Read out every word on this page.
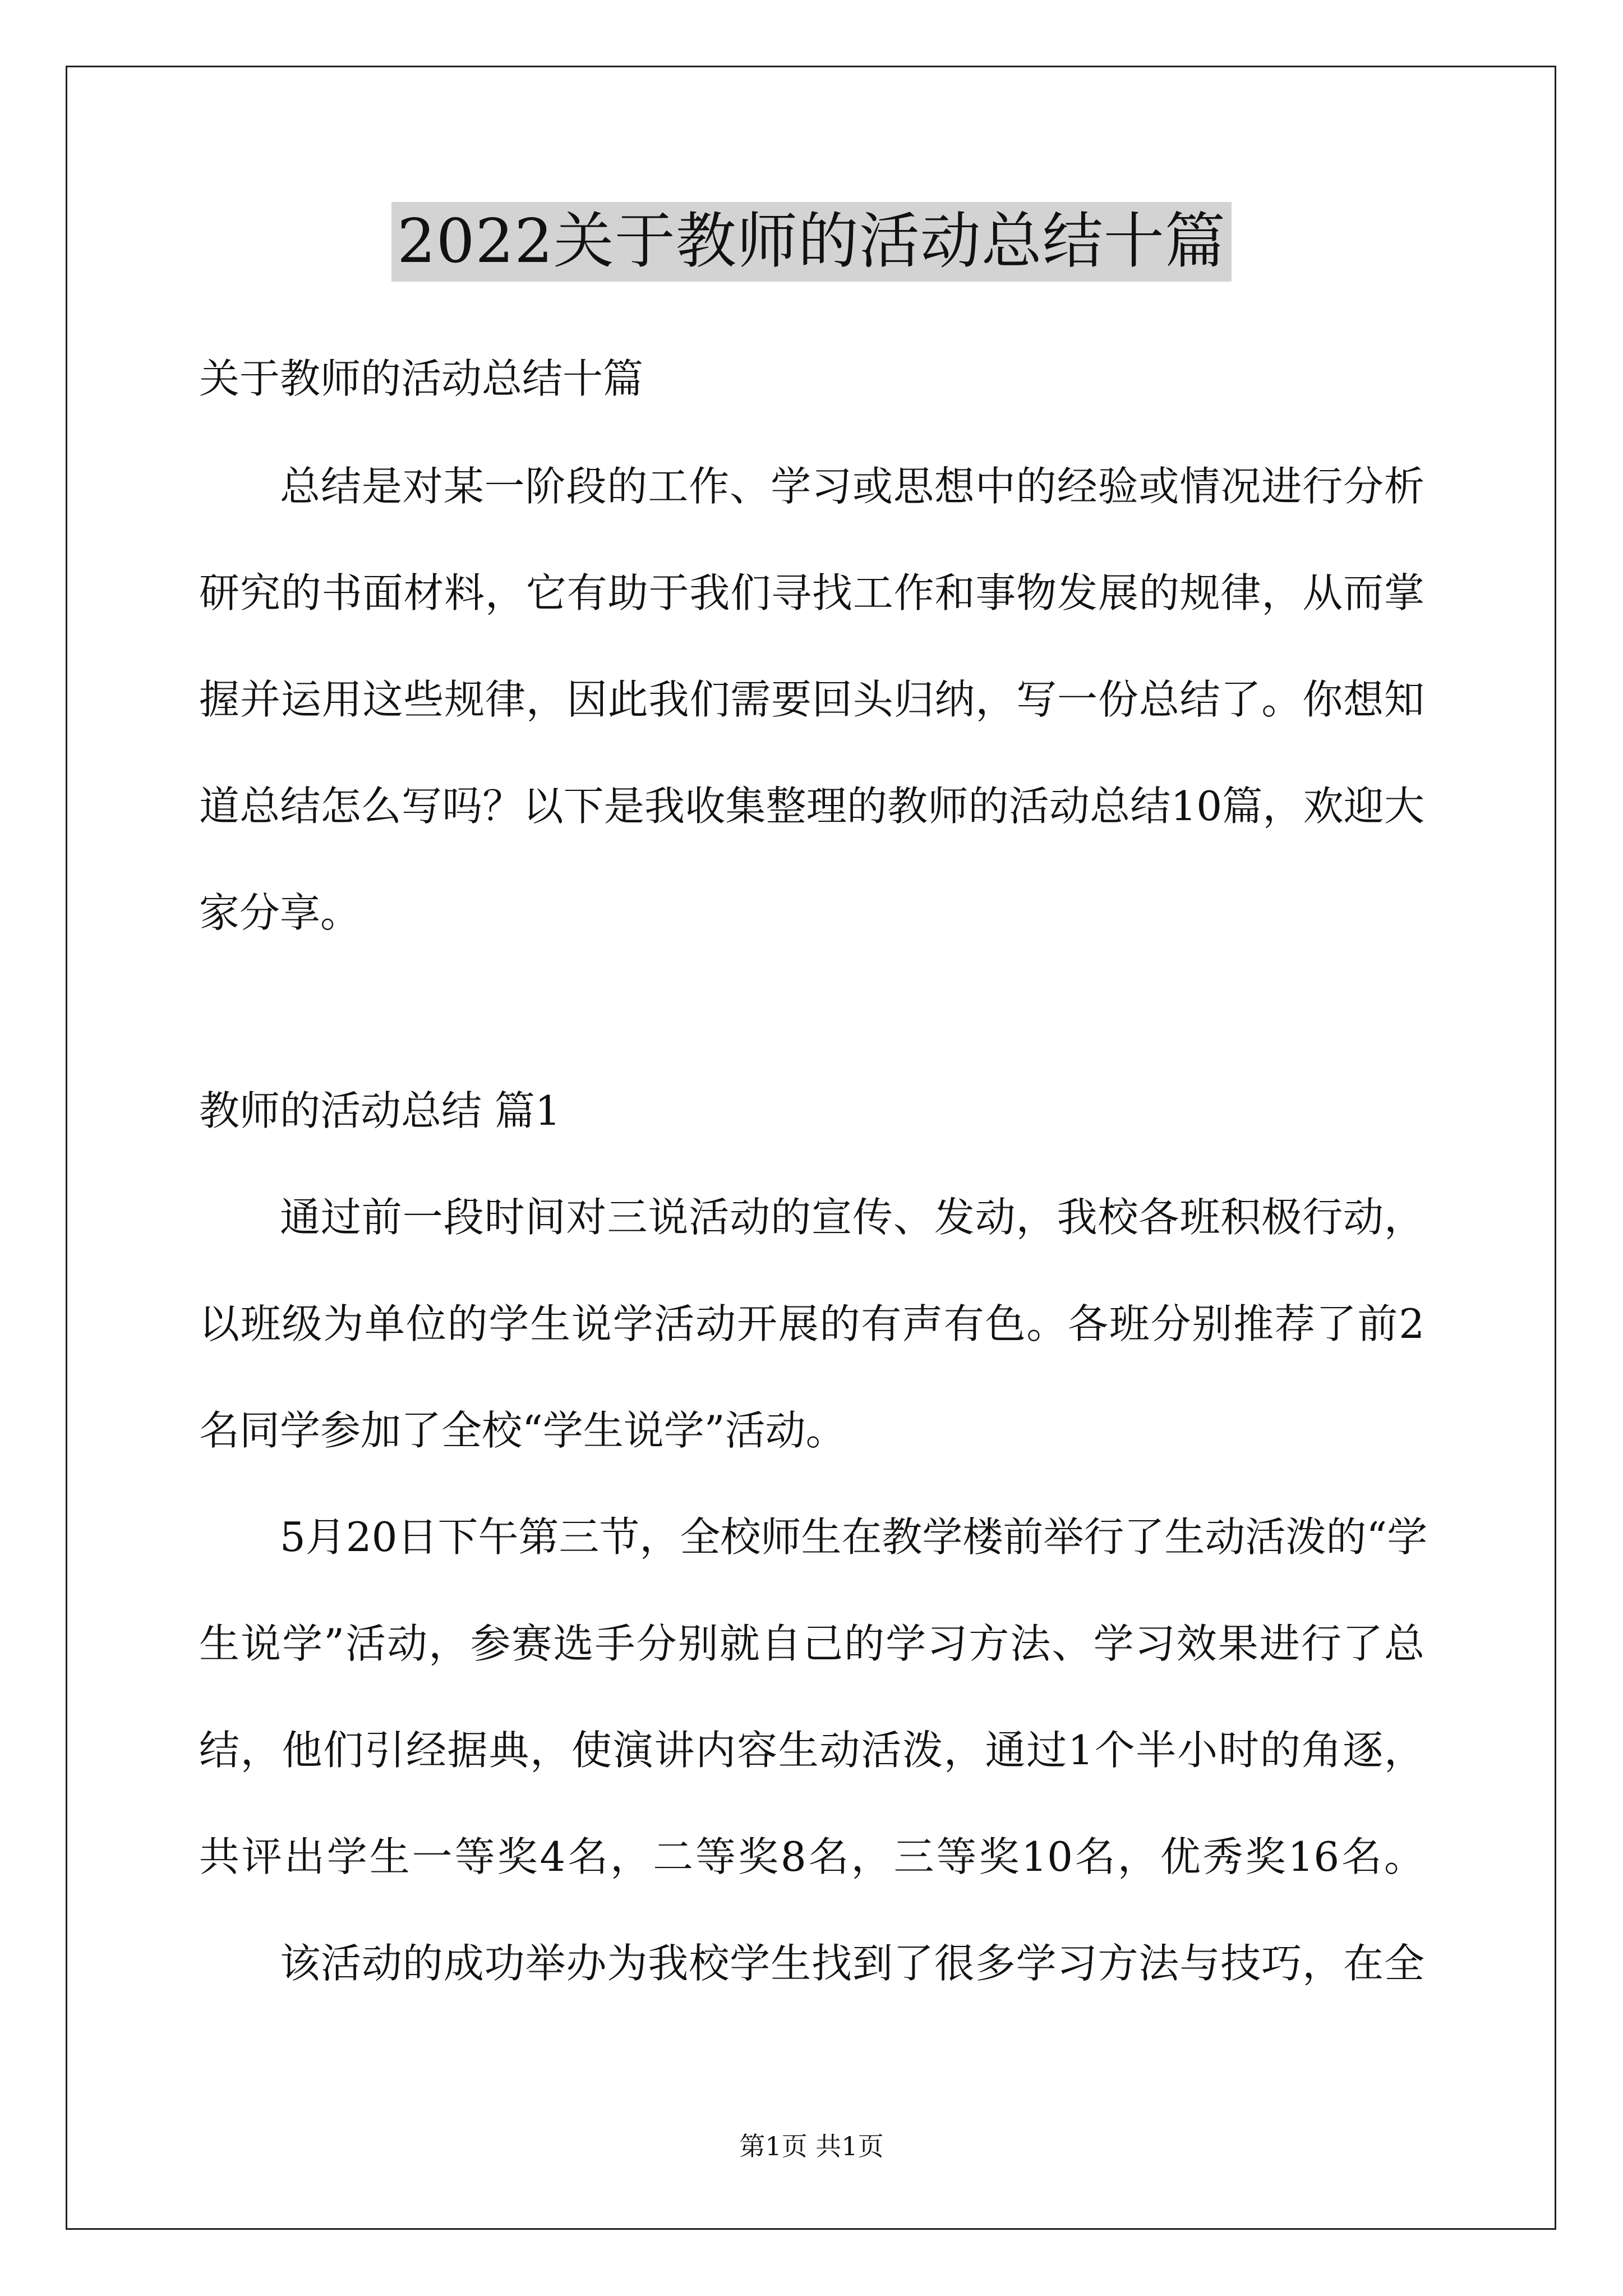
2022关于教师的活动总结十篇
关于教师的活动总结十篇
总结是对某一阶段的工作、学习或思想中的经验或情况进行分析
研究的书面材料，它有助于我们寻找工作和事物发展的规律，从而掌
握并运用这些规律，因此我们需要回头归纳，写一份总结了。你想知
道总结怎么写吗？以下是我收集整理的教师的活动总结10篇，欢迎大
家分享。
教师的活动总结 篇1
通过前一段时间对三说活动的宣传、发动，我校各班积极行动，
以班级为单位的学生说学活动开展的有声有色。各班分别推荐了前2
名同学参加了全校“学生说学”活动。
5月20日下午第三节，全校师生在教学楼前举行了生动活泼的“学
生说学”活动，参赛选手分别就自己的学习方法、学习效果进行了总
结，他们引经据典，使演讲内容生动活泼，通过1个半小时的角逐，
共评出学生一等奖4名，二等奖8名，三等奖10名，优秀奖16名。
该活动的成功举办为我校学生找到了很多学习方法与技巧，在全
第1页 共1页
